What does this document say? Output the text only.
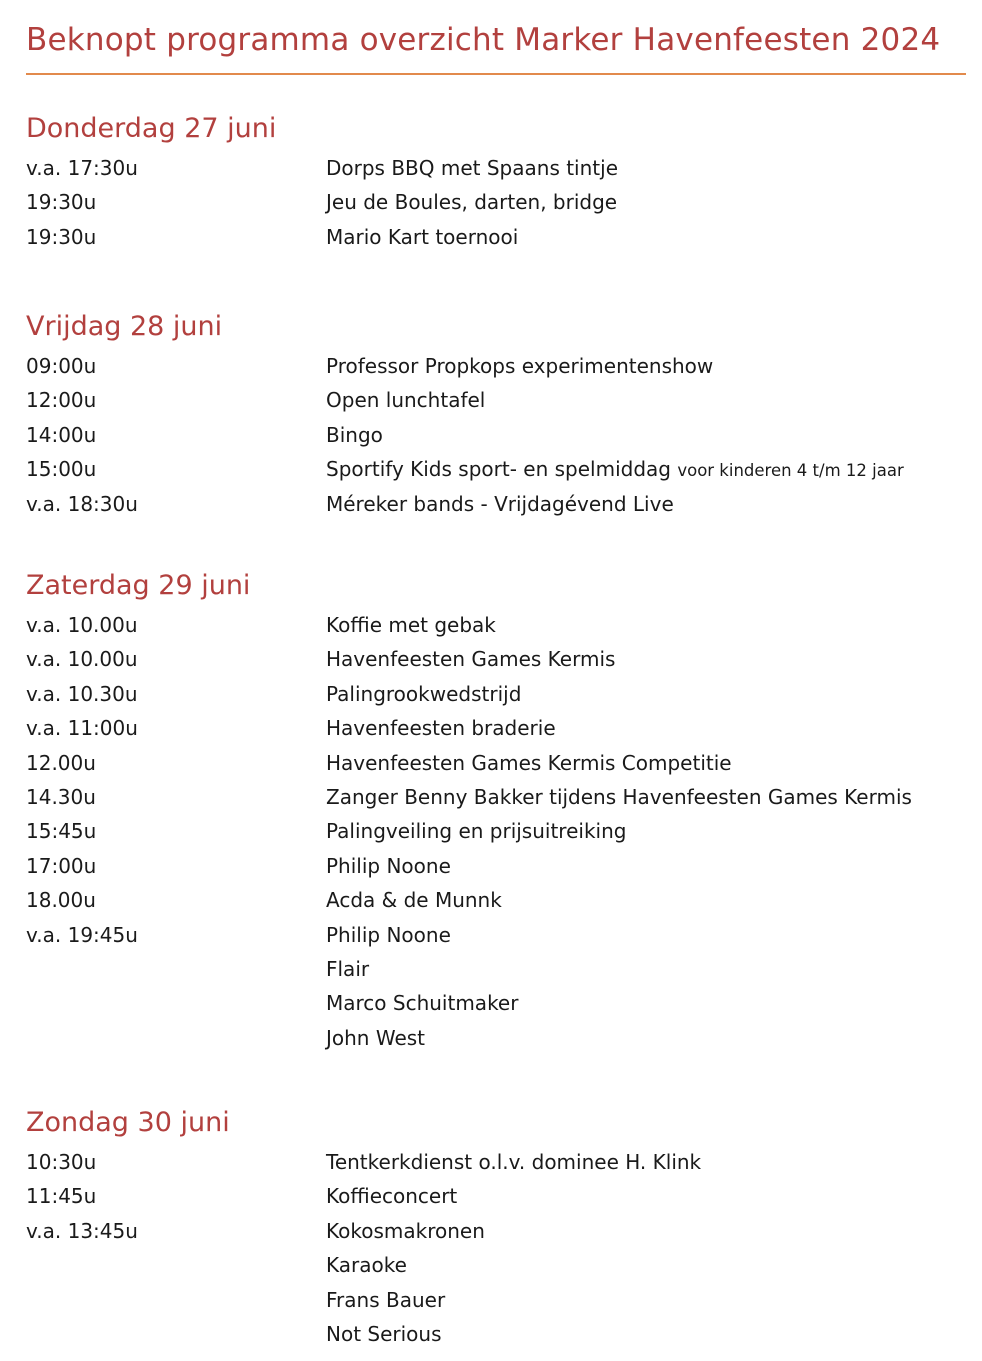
Beknopt programma overzicht Marker Havenfeesten 2024
Donderdag 27 juni
v.a. 17:30u	Dorps BBQ met Spaans tintje
19:30u	Jeu de Boules, darten, bridge
19:30u	Mario Kart toernooi
Vrijdag 28 juni
09:00u	Professor Propkops experimentenshow
12:00u	Open lunchtafel
14:00u	Bingo
15:00u	Sportify Kids sport- en spelmiddag voor kinderen 4 t/m 12 jaar
v.a. 18:30u	Méreker bands - Vrijdagévend Live
Zaterdag 29 juni
v.a. 10.00u	Koffie met gebak
v.a. 10.00u	Havenfeesten Games Kermis
v.a. 10.30u	Palingrookwedstrijd
v.a. 11:00u	Havenfeesten braderie
12.00u	Havenfeesten Games Kermis Competitie
14.30u	Zanger Benny Bakker tijdens Havenfeesten Games Kermis
15:45u	Palingveiling en prijsuitreiking
17:00u	Philip Noone
18.00u	Acda & de Munnk
v.a. 19:45u	Philip Noone
Flair
Marco Schuitmaker
John West
Zondag 30 juni
10:30u	Tentkerkdienst o.l.v. dominee H. Klink
11:45u	Koffieconcert
v.a. 13:45u	Kokosmakronen
Karaoke
Frans Bauer
Not Serious
